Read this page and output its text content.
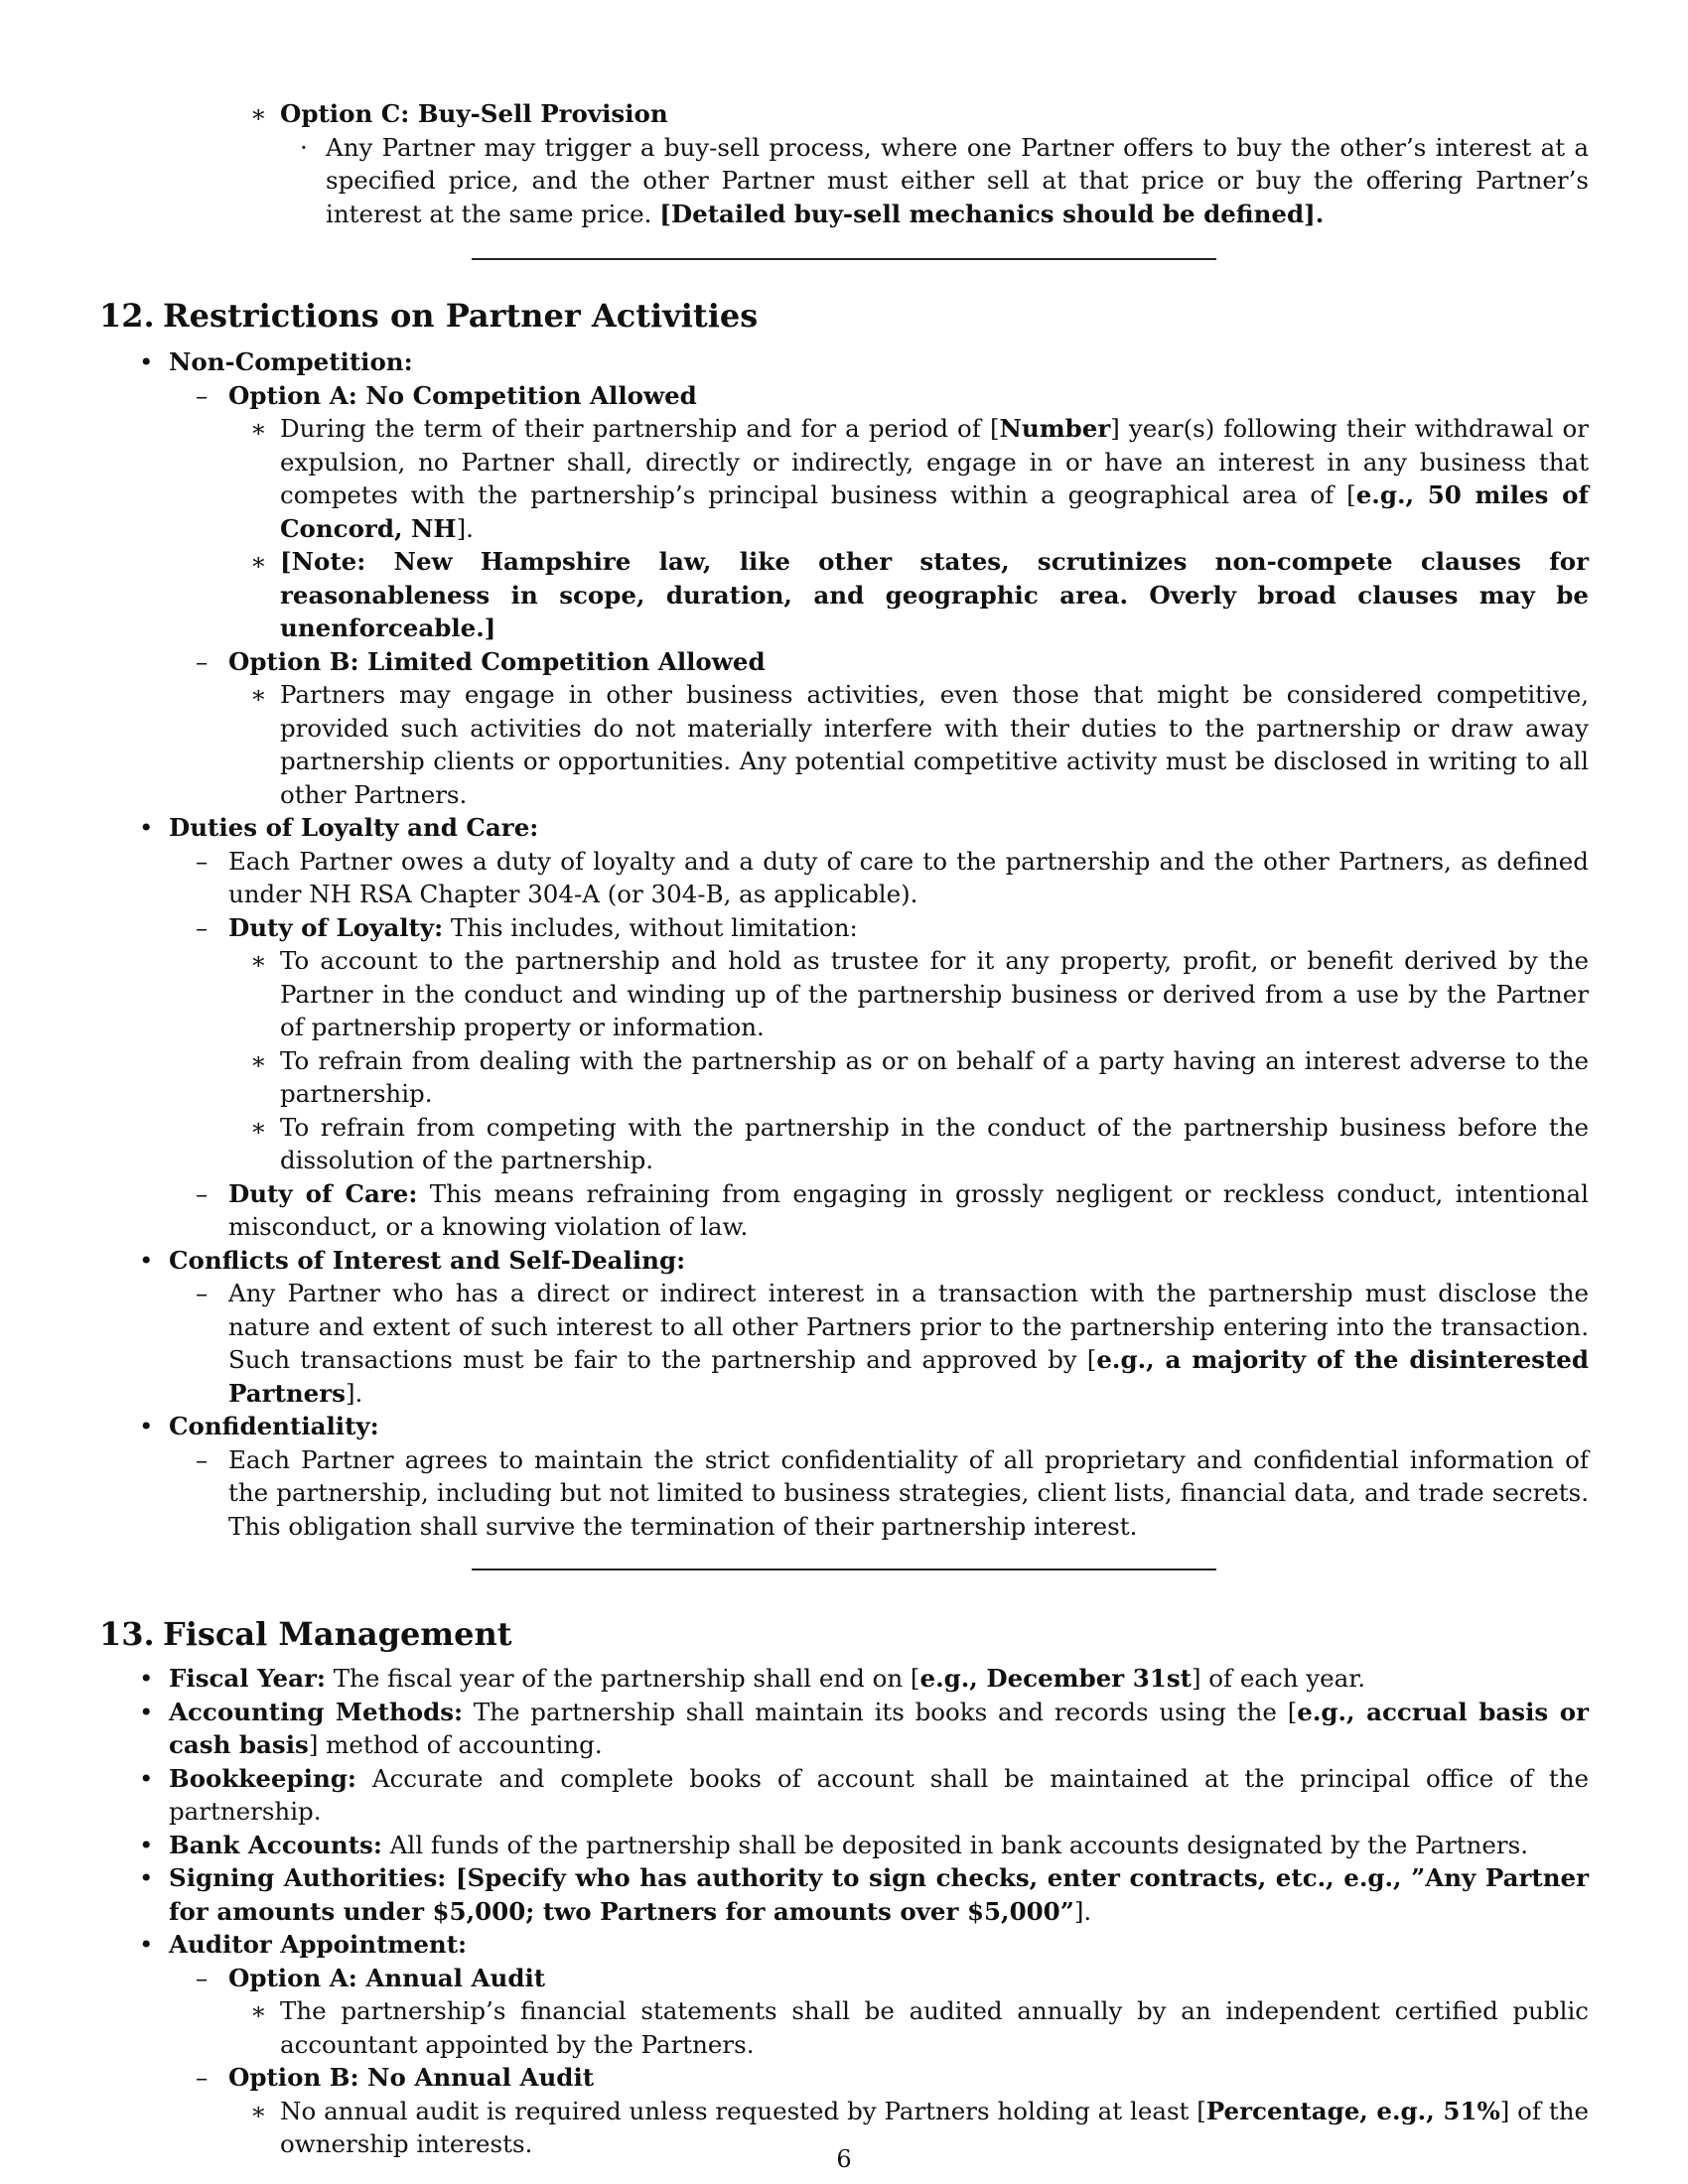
∗ Option C: Buy-Sell Provision
· Any Partner may trigger a buy-sell process, where one Partner offers to buy the other’s interest at a specified price, and the other Partner must either sell at that price or buy the offering Partner’s interest at the same price. [Detailed buy-sell mechanics should be defined].
12. Restrictions on Partner Activities
• Non-Competition:
– Option A: No Competition Allowed
∗ During the term of their partnership and for a period of [Number] year(s) following their withdrawal or expulsion, no Partner shall, directly or indirectly, engage in or have an interest in any business that competes with the partnership’s principal business within a geographical area of [e.g., 50 miles of Concord, NH].
∗ [Note: New Hampshire law, like other states, scrutinizes non-compete clauses for reasonableness in scope, duration, and geographic area. Overly broad clauses may be unenforceable.]
– Option B: Limited Competition Allowed
∗ Partners may engage in other business activities, even those that might be considered competitive, provided such activities do not materially interfere with their duties to the partnership or draw away partnership clients or opportunities. Any potential competitive activity must be disclosed in writing to all other Partners.
• Duties of Loyalty and Care:
– Each Partner owes a duty of loyalty and a duty of care to the partnership and the other Partners, as defined under NH RSA Chapter 304-A (or 304-B, as applicable).
– Duty of Loyalty: This includes, without limitation:
∗ To account to the partnership and hold as trustee for it any property, profit, or benefit derived by the Partner in the conduct and winding up of the partnership business or derived from a use by the Partner of partnership property or information.
∗ To refrain from dealing with the partnership as or on behalf of a party having an interest adverse to the partnership.
∗ To refrain from competing with the partnership in the conduct of the partnership business before the dissolution of the partnership.
– Duty of Care: This means refraining from engaging in grossly negligent or reckless conduct, intentional misconduct, or a knowing violation of law.
• Conflicts of Interest and Self-Dealing:
– Any Partner who has a direct or indirect interest in a transaction with the partnership must disclose the nature and extent of such interest to all other Partners prior to the partnership entering into the transaction. Such transactions must be fair to the partnership and approved by [e.g., a majority of the disinterested Partners].
• Confidentiality:
– Each Partner agrees to maintain the strict confidentiality of all proprietary and confidential information of the partnership, including but not limited to business strategies, client lists, financial data, and trade secrets. This obligation shall survive the termination of their partnership interest.
13. Fiscal Management
• Fiscal Year: The fiscal year of the partnership shall end on [e.g., December 31st] of each year.
• Accounting Methods: The partnership shall maintain its books and records using the [e.g., accrual basis or cash basis] method of accounting.
• Bookkeeping: Accurate and complete books of account shall be maintained at the principal office of the partnership.
• Bank Accounts: All funds of the partnership shall be deposited in bank accounts designated by the Partners.
• Signing Authorities: [Specify who has authority to sign checks, enter contracts, etc., e.g., ”Any Partner for amounts under $5,000; two Partners for amounts over $5,000”].
• Auditor Appointment:
– Option A: Annual Audit
∗ The partnership’s financial statements shall be audited annually by an independent certified public accountant appointed by the Partners.
– Option B: No Annual Audit
∗ No annual audit is required unless requested by Partners holding at least [Percentage, e.g., 51%] of the ownership interests.
6
